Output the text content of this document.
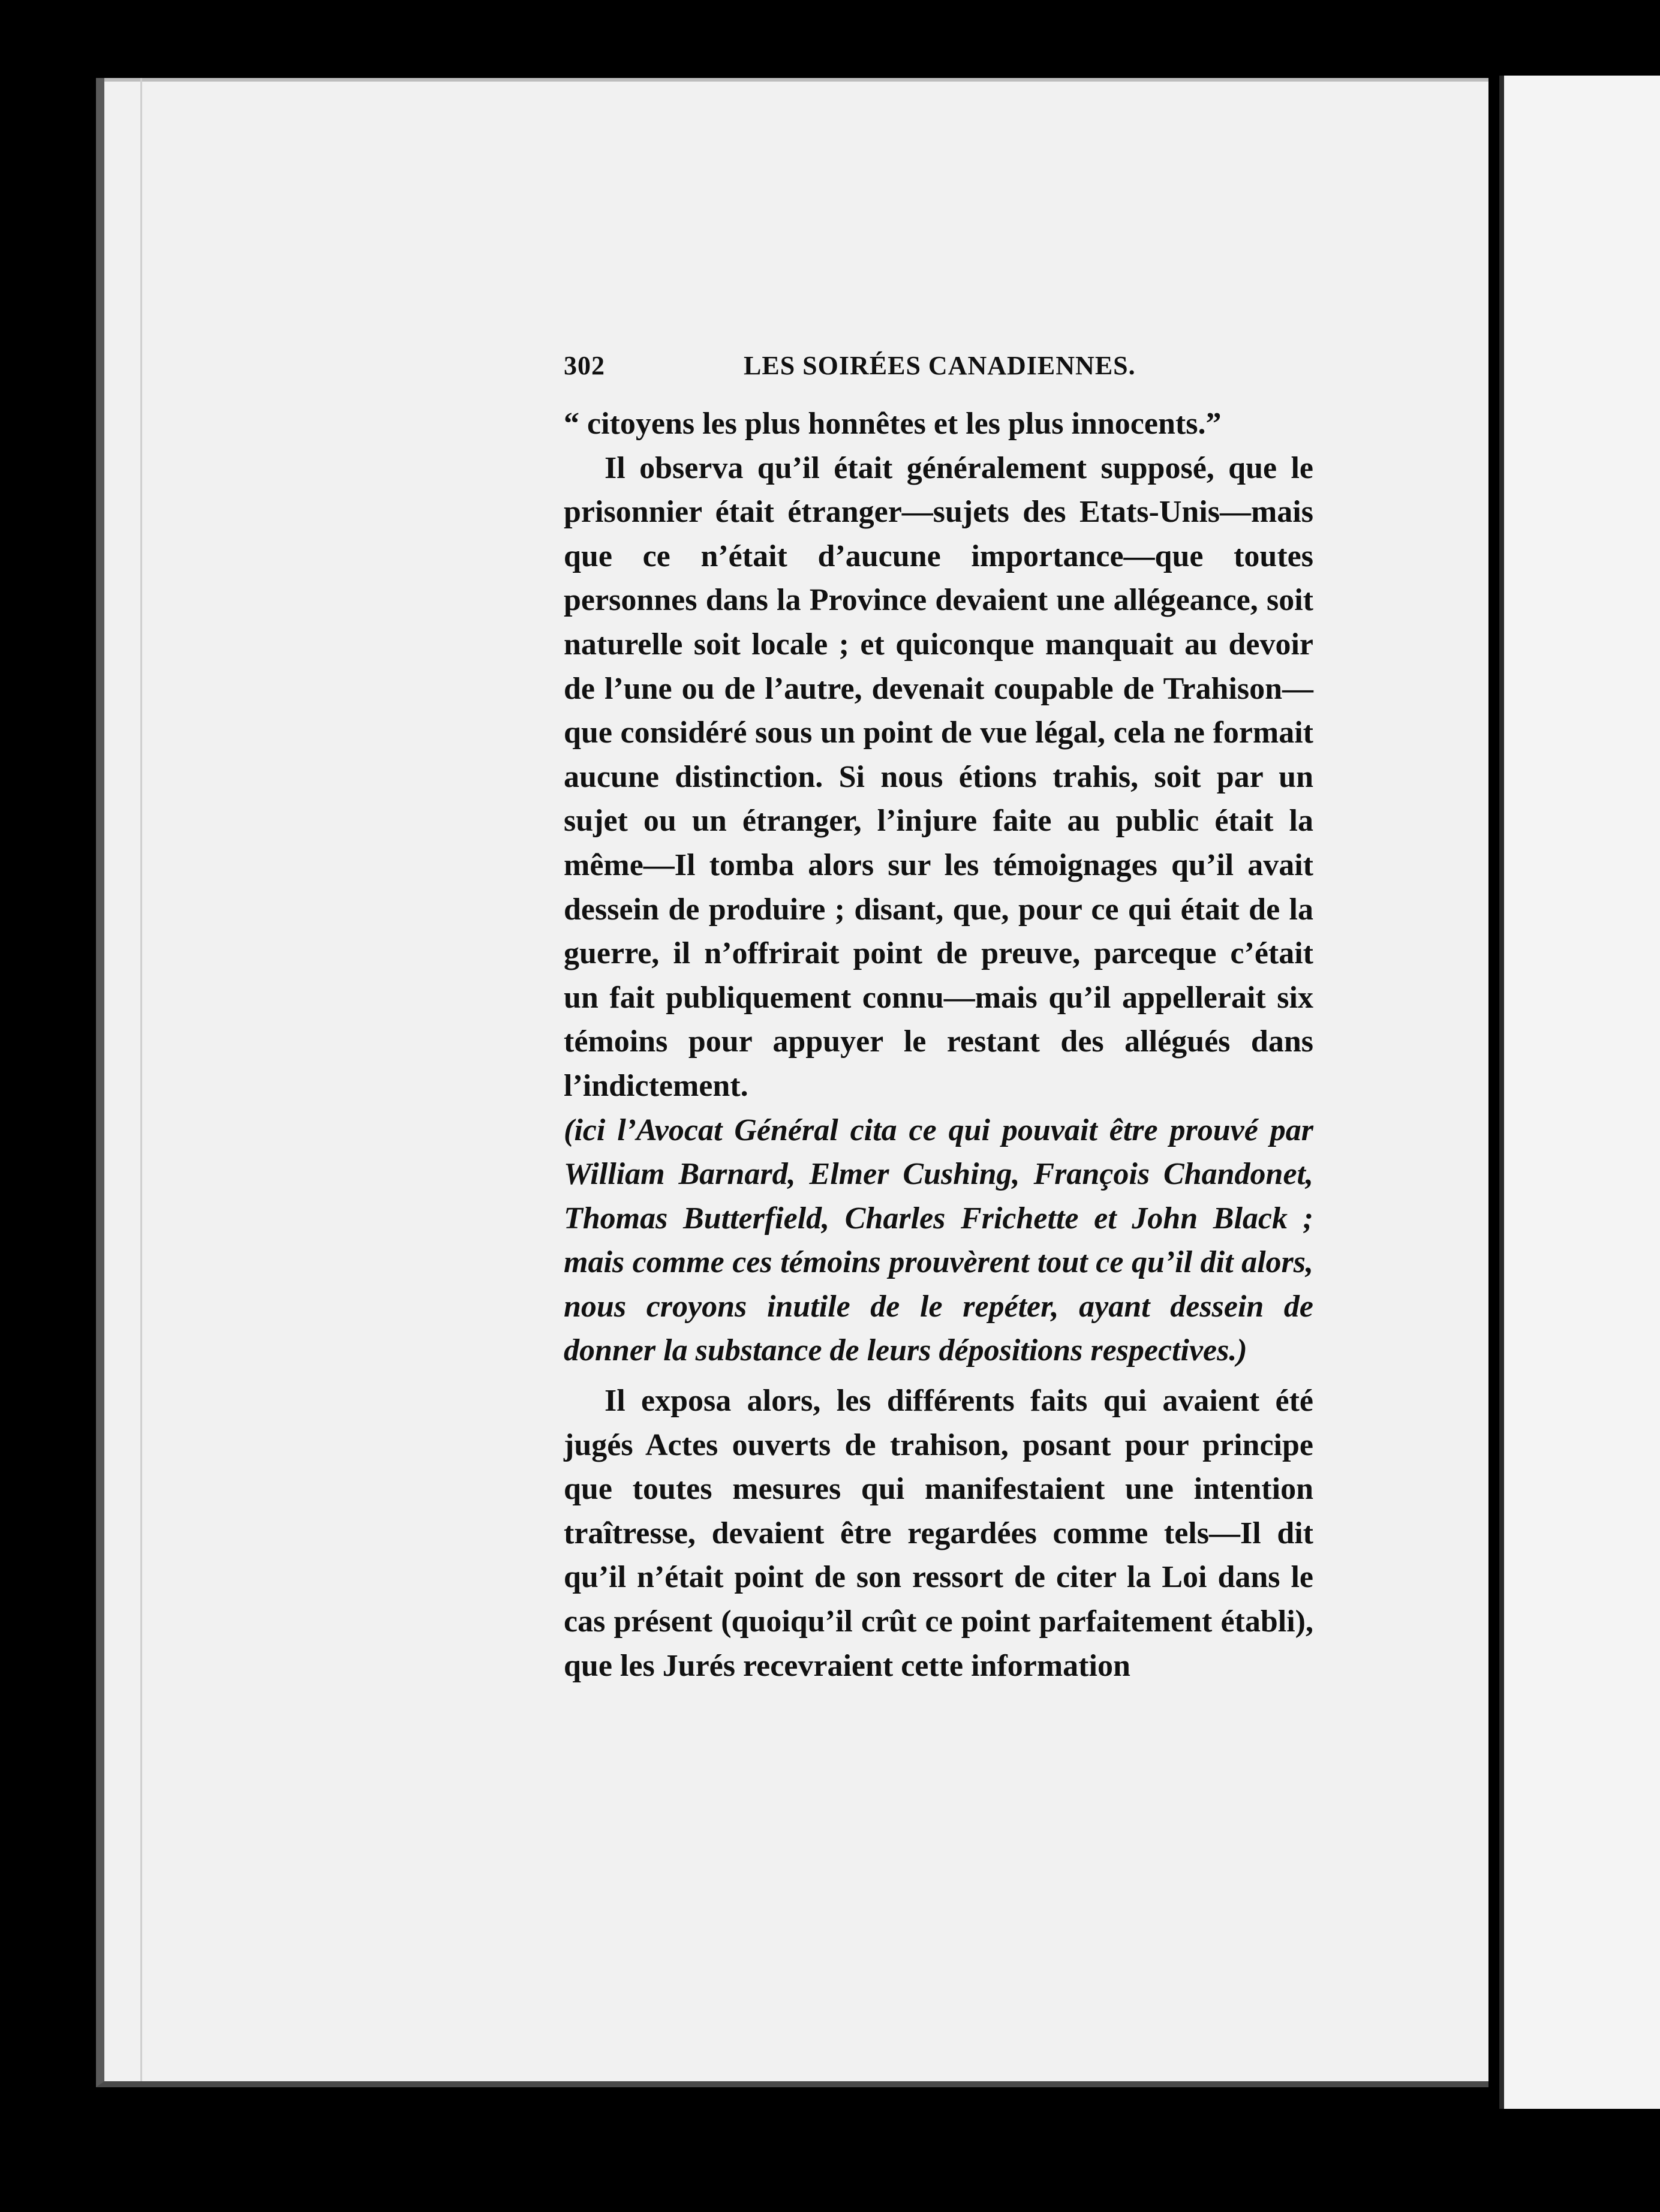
302	LES SOIRÉES CANADIENNES.

“ citoyens les plus honnêtes et les plus innocents.”

Il observa qu’il était généralement supposé, que le prisonnier était étranger—sujets des Etats-Unis—mais que ce n’était d’aucune importance—que toutes personnes dans la Province devaient une allégeance, soit naturelle soit locale ; et quiconque manquait au devoir de l’une ou de l’autre, devenait coupable de Trahison—que considéré sous un point de vue légal, cela ne formait aucune distinction. Si nous étions trahis, soit par un sujet ou un étranger, l’injure faite au public était la même—Il tomba alors sur les témoignages qu’il avait dessein de produire ; disant, que, pour ce qui était de la guerre, il n’offrirait point de preuve, parceque c’était un fait publiquement connu—mais qu’il appellerait six témoins pour appuyer le restant des allégués dans l’indictement.

(ici l’Avocat Général cita ce qui pouvait être prouvé par William Barnard, Elmer Cushing, François Chandonet, Thomas Butterfield, Charles Frichette et John Black ; mais comme ces témoins prouvèrent tout ce qu’il dit alors, nous croyons inutile de le repéter, ayant dessein de donner la substance de leurs dépositions respectives.)

Il exposa alors, les différents faits qui avaient été jugés Actes ouverts de trahison, posant pour principe que toutes mesures qui manifestaient une intention traîtresse, devaient être regardées comme tels—Il dit qu’il n’était point de son ressort de citer la Loi dans le cas présent (quoiqu’il crût ce point parfaitement établi), que les Jurés recevraient cette information
